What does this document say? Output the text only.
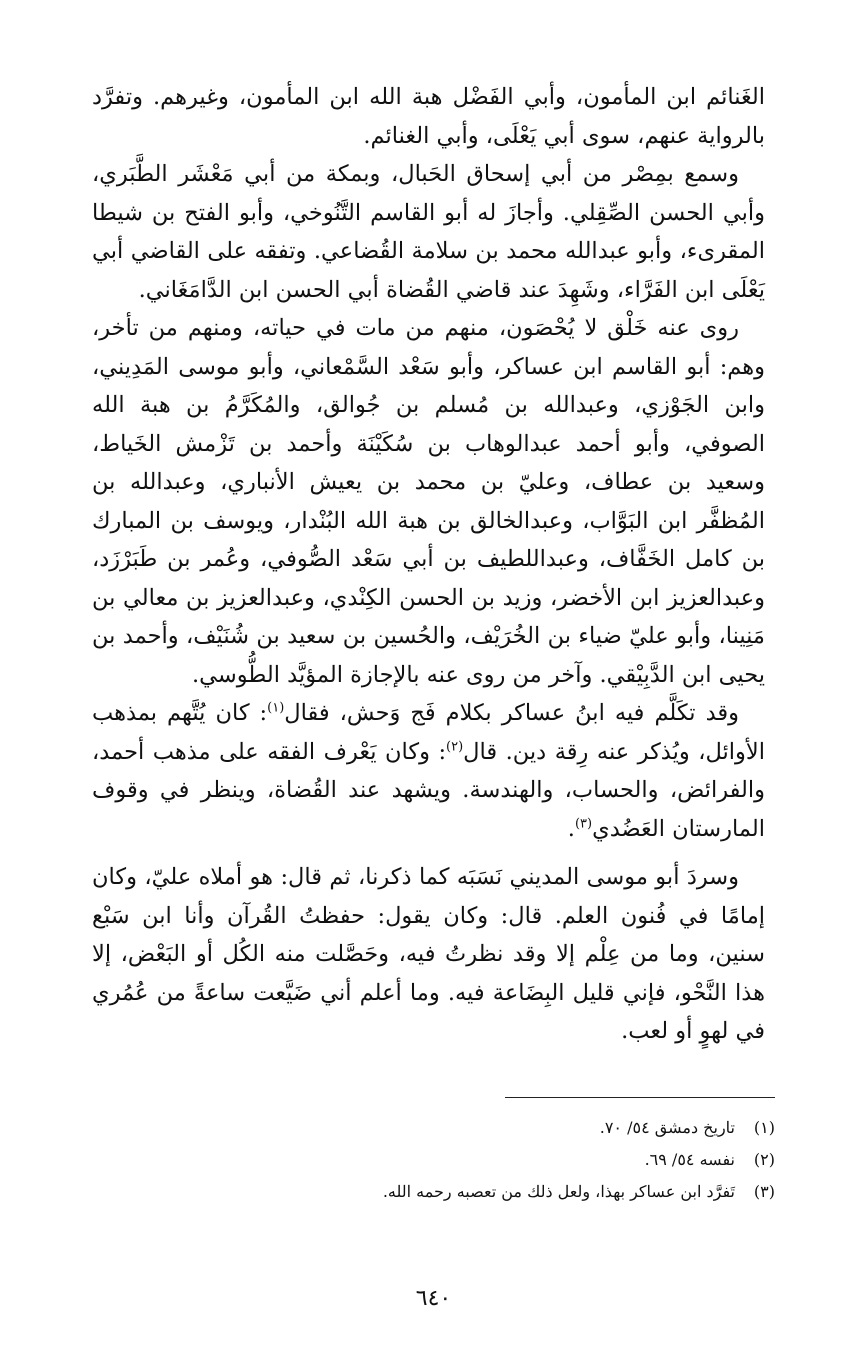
الغَنائم ابن المأمون، وأبي الفَضْل هبة الله ابن المأمون، وغيرهم. وتفرَّد بالرواية عنهم، سوى أبي يَعْلَى، وأبي الغنائم.

وسمع بمِصْر من أبي إسحاق الحَبال، وبمكة من أبي مَعْشَر الطَّبَري، وأبي الحسن الصِّقِلي. وأجازَ له أبو القاسم التَّنُوخي، وأبو الفتح بن شيطا المقرىء، وأبو عبدالله محمد بن سلامة القُضاعي. وتفقه على القاضي أبي يَعْلَى ابن الفَرَّاء، وشَهِدَ عند قاضي القُضاة أبي الحسن ابن الدَّامَغَاني.

روى عنه خَلْق لا يُحْصَون، منهم من مات في حياته، ومنهم من تأخر، وهم: أبو القاسم ابن عساكر، وأبو سَعْد السَّمْعاني، وأبو موسى المَدِيني، وابن الجَوْزي، وعبدالله بن مُسلم بن جُوالق، والمُكَرَّمُ بن هبة الله الصوفي، وأبو أحمد عبدالوهاب بن سُكَيْنَة وأحمد بن تَزْمش الخَياط، وسعيد بن عطاف، وعليّ بن محمد بن يعيش الأنباري، وعبدالله بن المُظفَّر ابن البَوَّاب، وعبدالخالق بن هبة الله البُنْدار، ويوسف بن المبارك بن كامل الخَفَّاف، وعبداللطيف بن أبي سَعْد الصُّوفي، وعُمر بن طَبَرْزَد، وعبدالعزيز ابن الأخضر، وزيد بن الحسن الكِنْدي، وعبدالعزيز بن معالي بن مَنِينا، وأبو عليّ ضياء بن الخُرَيْف، والحُسين بن سعيد بن شُنَيْف، وأحمد بن يحيى ابن الدَّبِيْقي. وآخر من روى عنه بالإجازة المؤيَّد الطُّوسي.

وقد تكَلَّم فيه ابنُ عساكر بكلام فَج وَحش، فقال$^{(١)}$: كان يُتَّهم بمذهب الأوائل، ويُذكر عنه رِقة دين. قال$^{(٢)}$: وكان يَعْرف الفقه على مذهب أحمد، والفرائض، والحساب، والهندسة. ويشهد عند القُضاة، وينظر في وقوف المارستان العَضُدي$^{(٣)}$.

وسردَ أبو موسى المديني نَسَبَه كما ذكرنا، ثم قال: هو أملاه عليّ، وكان إمامًا في فُنون العلم. قال: وكان يقول: حفظتُ القُرآن وأنا ابن سَبْع سنين، وما من عِلْم إلا وقد نظرتُ فيه، وحَصَّلت منه الكُل أو البَعْض، إلا هذا النَّحْو، فإني قليل البِضَاعة فيه. وما أعلم أني ضَيَّعت ساعةً من عُمُري في لهوٍ أو لعب.

(١)
تاريخ دمشق ٥٤/ ٧٠.
(٢)
نفسه ٥٤/ ٦٩.
(٣)
تَفرَّد ابن عساكر بهذا، ولعل ذلك من تعصبه رحمه الله.
٦٤٠
